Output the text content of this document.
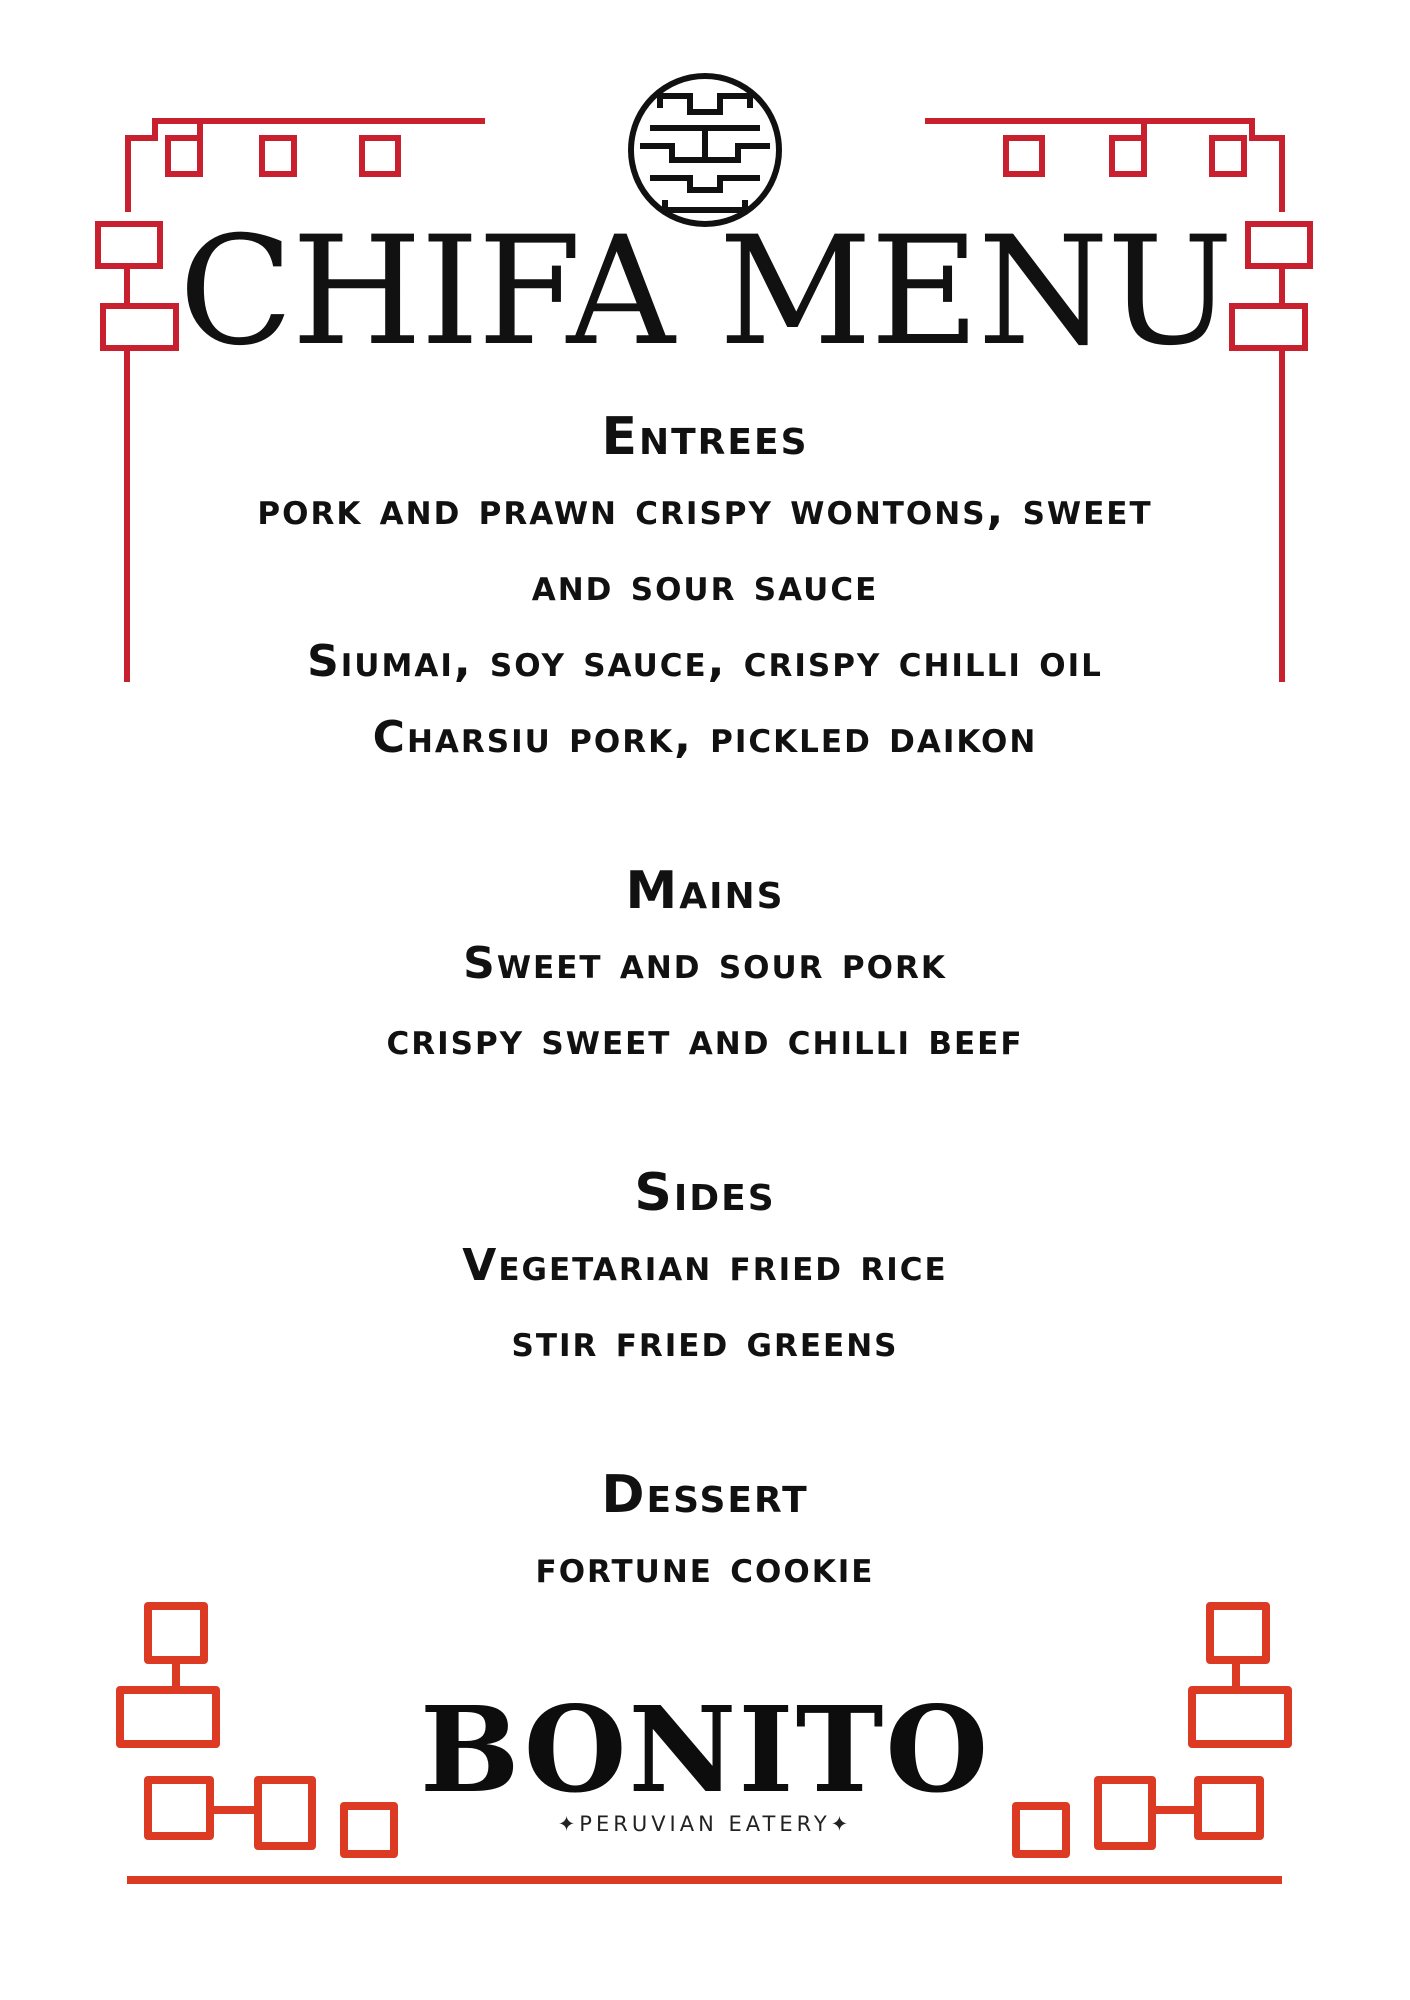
CHIFA MENU
Entrees
pork and prawn crispy wontons, sweet
and sour sauce
Siumai, soy sauce, crispy chilli oil
Charsiu pork, pickled daikon
Mains
Sweet and sour pork
crispy sweet and chilli beef
Sides
Vegetarian fried rice
stir fried greens
Dessert
fortune cookie
BONITO
✦PERUVIAN EATERY✦
